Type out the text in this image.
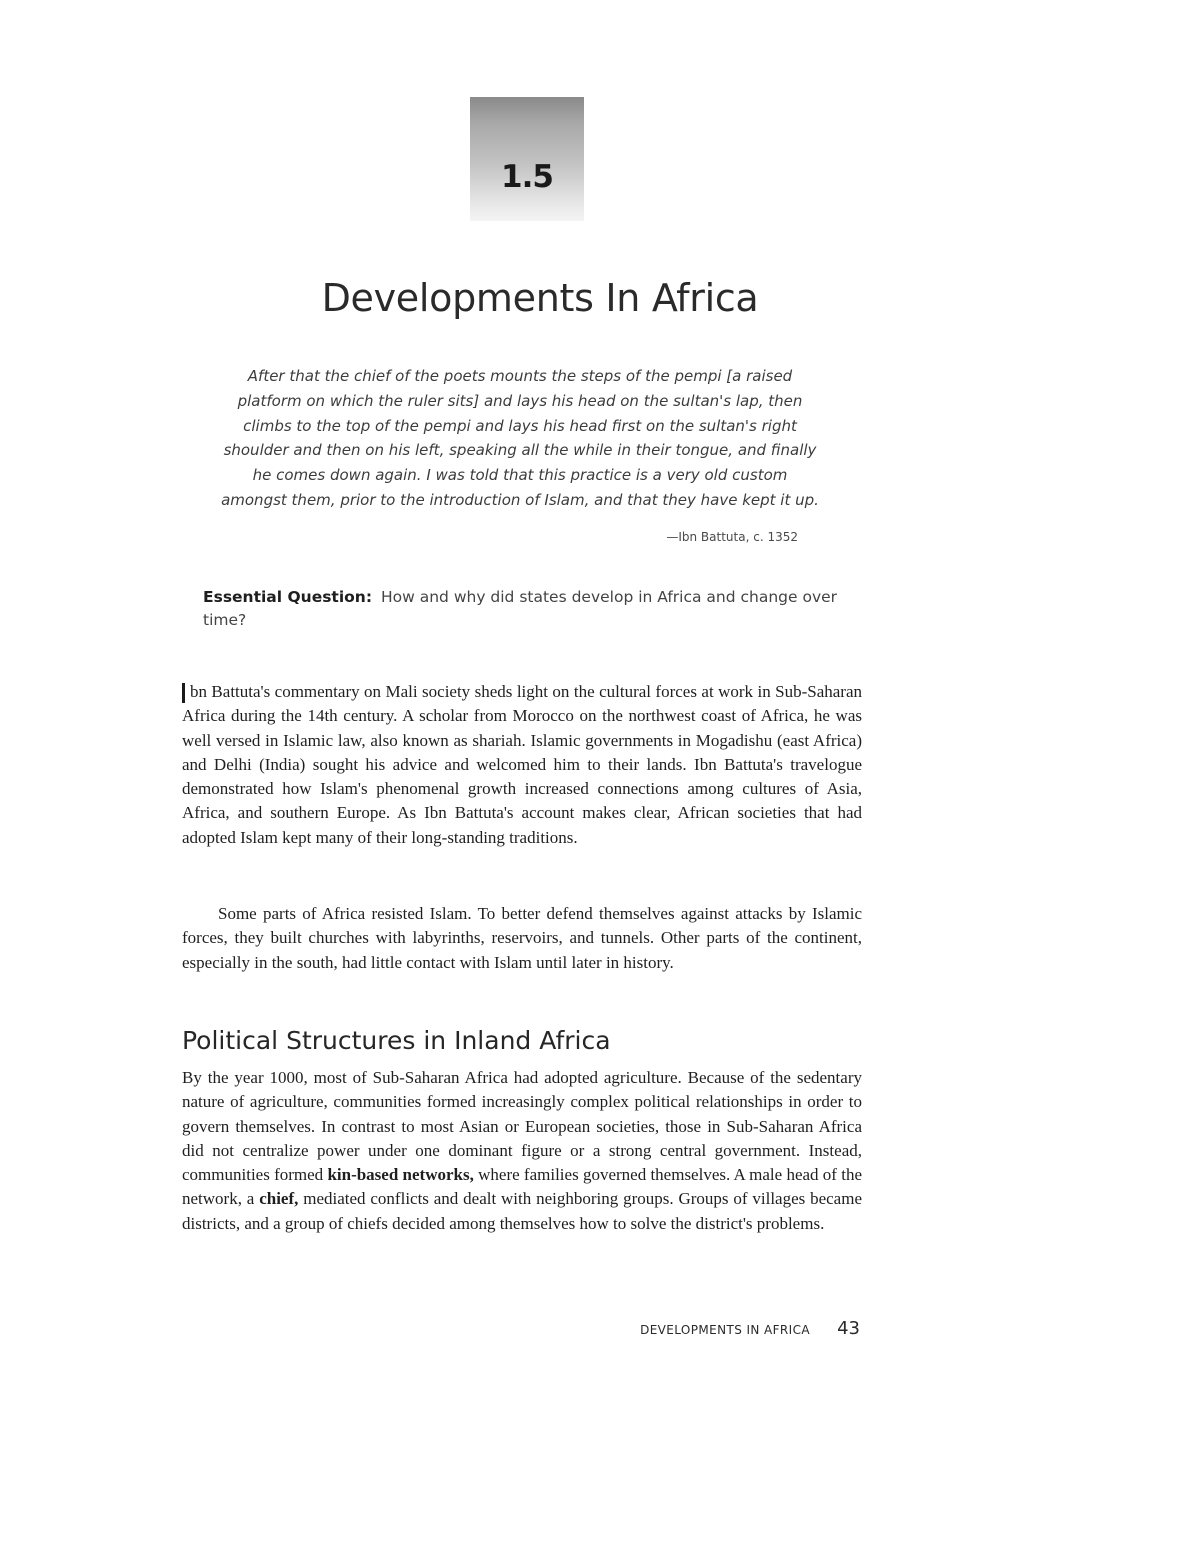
1.5
Developments In Africa
After that the chief of the poets mounts the steps of the pempi [a raised
platform on which the ruler sits] and lays his head on the sultan's lap, then
climbs to the top of the pempi and lays his head first on the sultan's right
shoulder and then on his left, speaking all the while in their tongue, and finally
he comes down again. I was told that this practice is a very old custom
amongst them, prior to the introduction of Islam, and that they have kept it up.
—Ibn Battuta, c. 1352

Essential Question: How and why did states develop in Africa and change over time?

bn Battuta's commentary on Mali society sheds light on the cultural forces at work in Sub-Saharan Africa during the 14th century. A scholar from Morocco on the northwest coast of Africa, he was well versed in Islamic law, also known as shariah. Islamic governments in Mogadishu (east Africa) and Delhi (India) sought his advice and welcomed him to their lands. Ibn Battuta's travelogue demonstrated how Islam's phenomenal growth increased connections among cultures of Asia, Africa, and southern Europe. As Ibn Battuta's account makes clear, African societies that had adopted Islam kept many of their long-standing traditions.

Some parts of Africa resisted Islam. To better defend themselves against attacks by Islamic forces, they built churches with labyrinths, reservoirs, and tunnels. Other parts of the continent, especially in the south, had little contact with Islam until later in history.

Political Structures in Inland Africa

By the year 1000, most of Sub-Saharan Africa had adopted agriculture. Because of the sedentary nature of agriculture, communities formed increasingly complex political relationships in order to govern themselves. In contrast to most Asian or European societies, those in Sub-Saharan Africa did not centralize power under one dominant figure or a strong central government. Instead, communities formed kin-based networks, where families governed themselves. A male head of the network, a chief, mediated conflicts and dealt with neighboring groups. Groups of villages became districts, and a group of chiefs decided among themselves how to solve the district's problems.

DEVELOPMENTS IN AFRICA 43
